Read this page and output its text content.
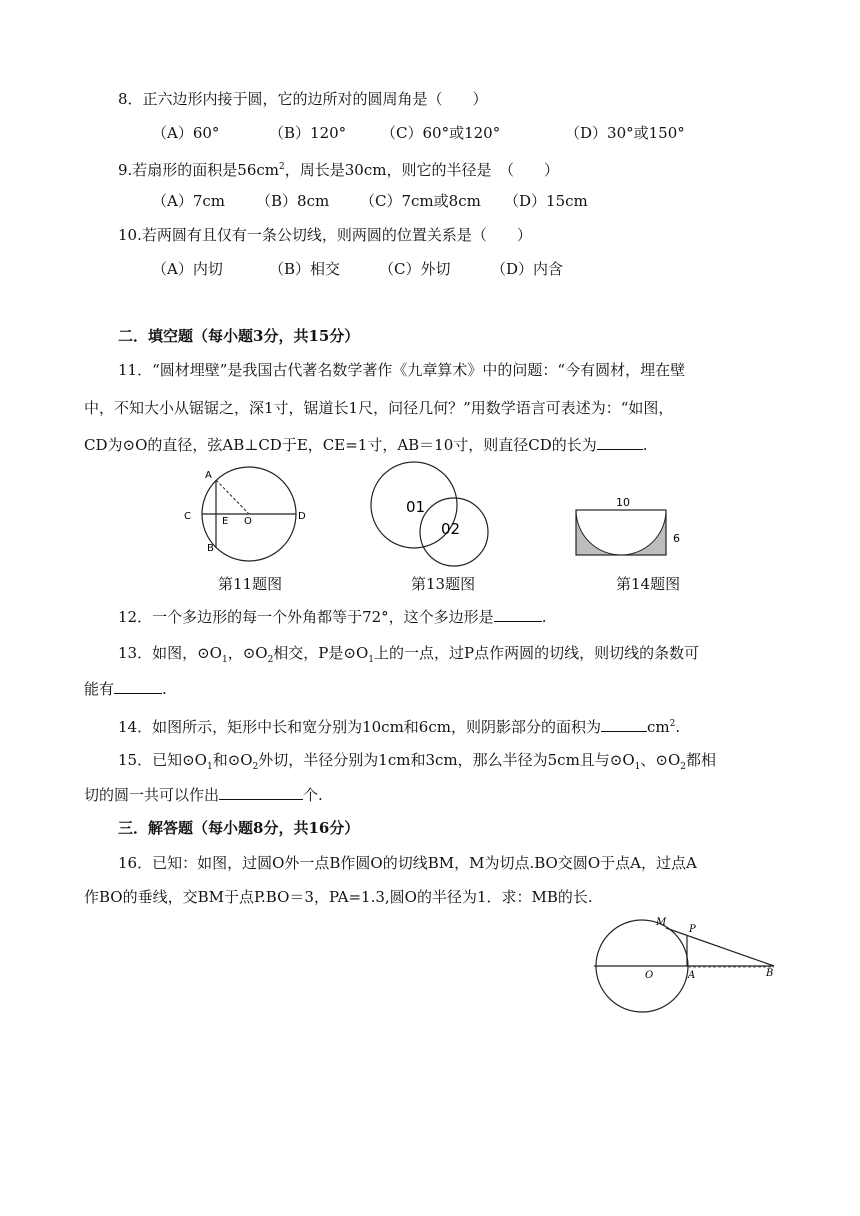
8．正六边形内接于圆，它的边所对的圆周角是（　　）
（A）60°	（B）120° （C）60°或120°	（D）30°或150°
9.若扇形的面积是$56cm^2$，周长是30cm，则它的半径是　（　　）
（A）7cm （B）8cm （C）7cm或8cm （D）15cm
10.若两圆有且仅有一条公切线，则两圆的位置关系是（　　）
（A）内切	（B）相交	（C）外切	（D）内含
二．填空题（每小题3分，共15分）
11．“圆材埋壁”是我国古代著名数学著作《九章算术》中的问题：“今有圆材，埋在壁
中，不知大小从锯锯之，深1寸，锯道长1尺，问径几何？”用数学语言可表述为：“如图，
CD为⊙O的直径，弦AB⊥CD于E，CE=1寸，AB＝10寸，则直径CD的长为	.
A
B
C	D
E O
第11题图
01
02
第13题图
10
6
第14题图
12．一个多边形的每一个外角都等于72°，这个多边形是	.
13．如图，$⊙O_1$，$⊙O_2$相交，P是$⊙O_1$上的一点，过P点作两圆的切线，则切线的条数可
能有	.
14．如图所示，矩形中长和宽分别为10cm和6cm，则阴影部分的面积为	$cm^2$.
15．已知$⊙O_1$和$⊙O_2$外切，半径分别为1cm和3cm，那么半径为5cm且与$⊙O_1$、$⊙O_2$都相
切的圆一共可以作出	个.
三．解答题（每小题8分，共16分）
16．已知：如图，过圆O外一点B作圆O的切线BM，M为切点.BO交圆O于点A，过点A
作BO的垂线，交BM于点P.BO＝3，PA=1.3,圆O的半径为1．求：MB的长.
M
P
O	A	B
